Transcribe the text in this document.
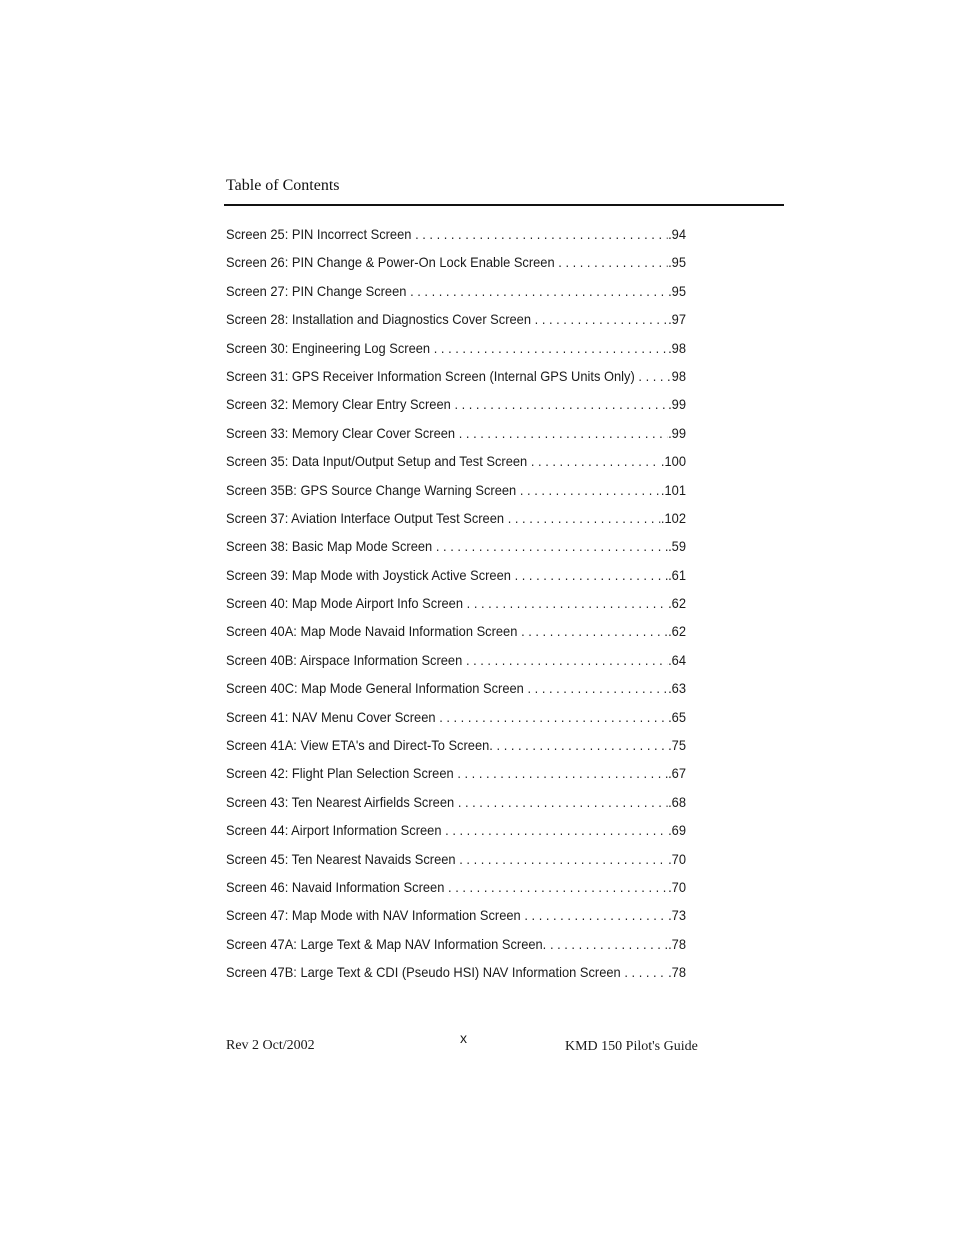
Table of Contents
Screen 25: PIN Incorrect Screen . . .	.94
Screen 26: PIN Change & Power-On Lock Enable Screen . . .	.95
Screen 27: PIN Change Screen . . .	.95
Screen 28: Installation and Diagnostics Cover Screen . . .	.97
Screen 30: Engineering Log Screen . . .	.98
Screen 31: GPS Receiver Information Screen (Internal GPS Units Only) . . .	98
Screen 32: Memory Clear Entry Screen . . .	.99
Screen 33: Memory Clear Cover Screen . . .	.99
Screen 35: Data Input/Output Setup and Test Screen . . .	.100
Screen 35B: GPS Source Change Warning Screen . . .	.101
Screen 37: Aviation Interface Output Test Screen . . .	.102
Screen 38: Basic Map Mode Screen . . .	.59
Screen 39: Map Mode with Joystick Active Screen . . .	.61
Screen 40: Map Mode Airport Info Screen . . .	.62
Screen 40A: Map Mode Navaid Information Screen . . .	.62
Screen 40B: Airspace Information Screen . . .	.64
Screen 40C: Map Mode General Information Screen . . .	.63
Screen 41: NAV Menu Cover Screen . . .	.65
Screen 41A: View ETA's and Direct-To Screen. . . .	.75
Screen 42: Flight Plan Selection Screen . . .	.67
Screen 43: Ten Nearest Airfields Screen . . .	.68
Screen 44: Airport Information Screen . . .	.69
Screen 45: Ten Nearest Navaids Screen . . .	.70
Screen 46: Navaid Information Screen . . .	.70
Screen 47: Map Mode with NAV Information Screen . . .	.73
Screen 47A: Large Text & Map NAV Information Screen. . . .	.78
Screen 47B: Large Text & CDI (Pseudo HSI) NAV Information Screen . . .	.78
Rev 2 Oct/2002	x
KMD 150 Pilot's Guide
